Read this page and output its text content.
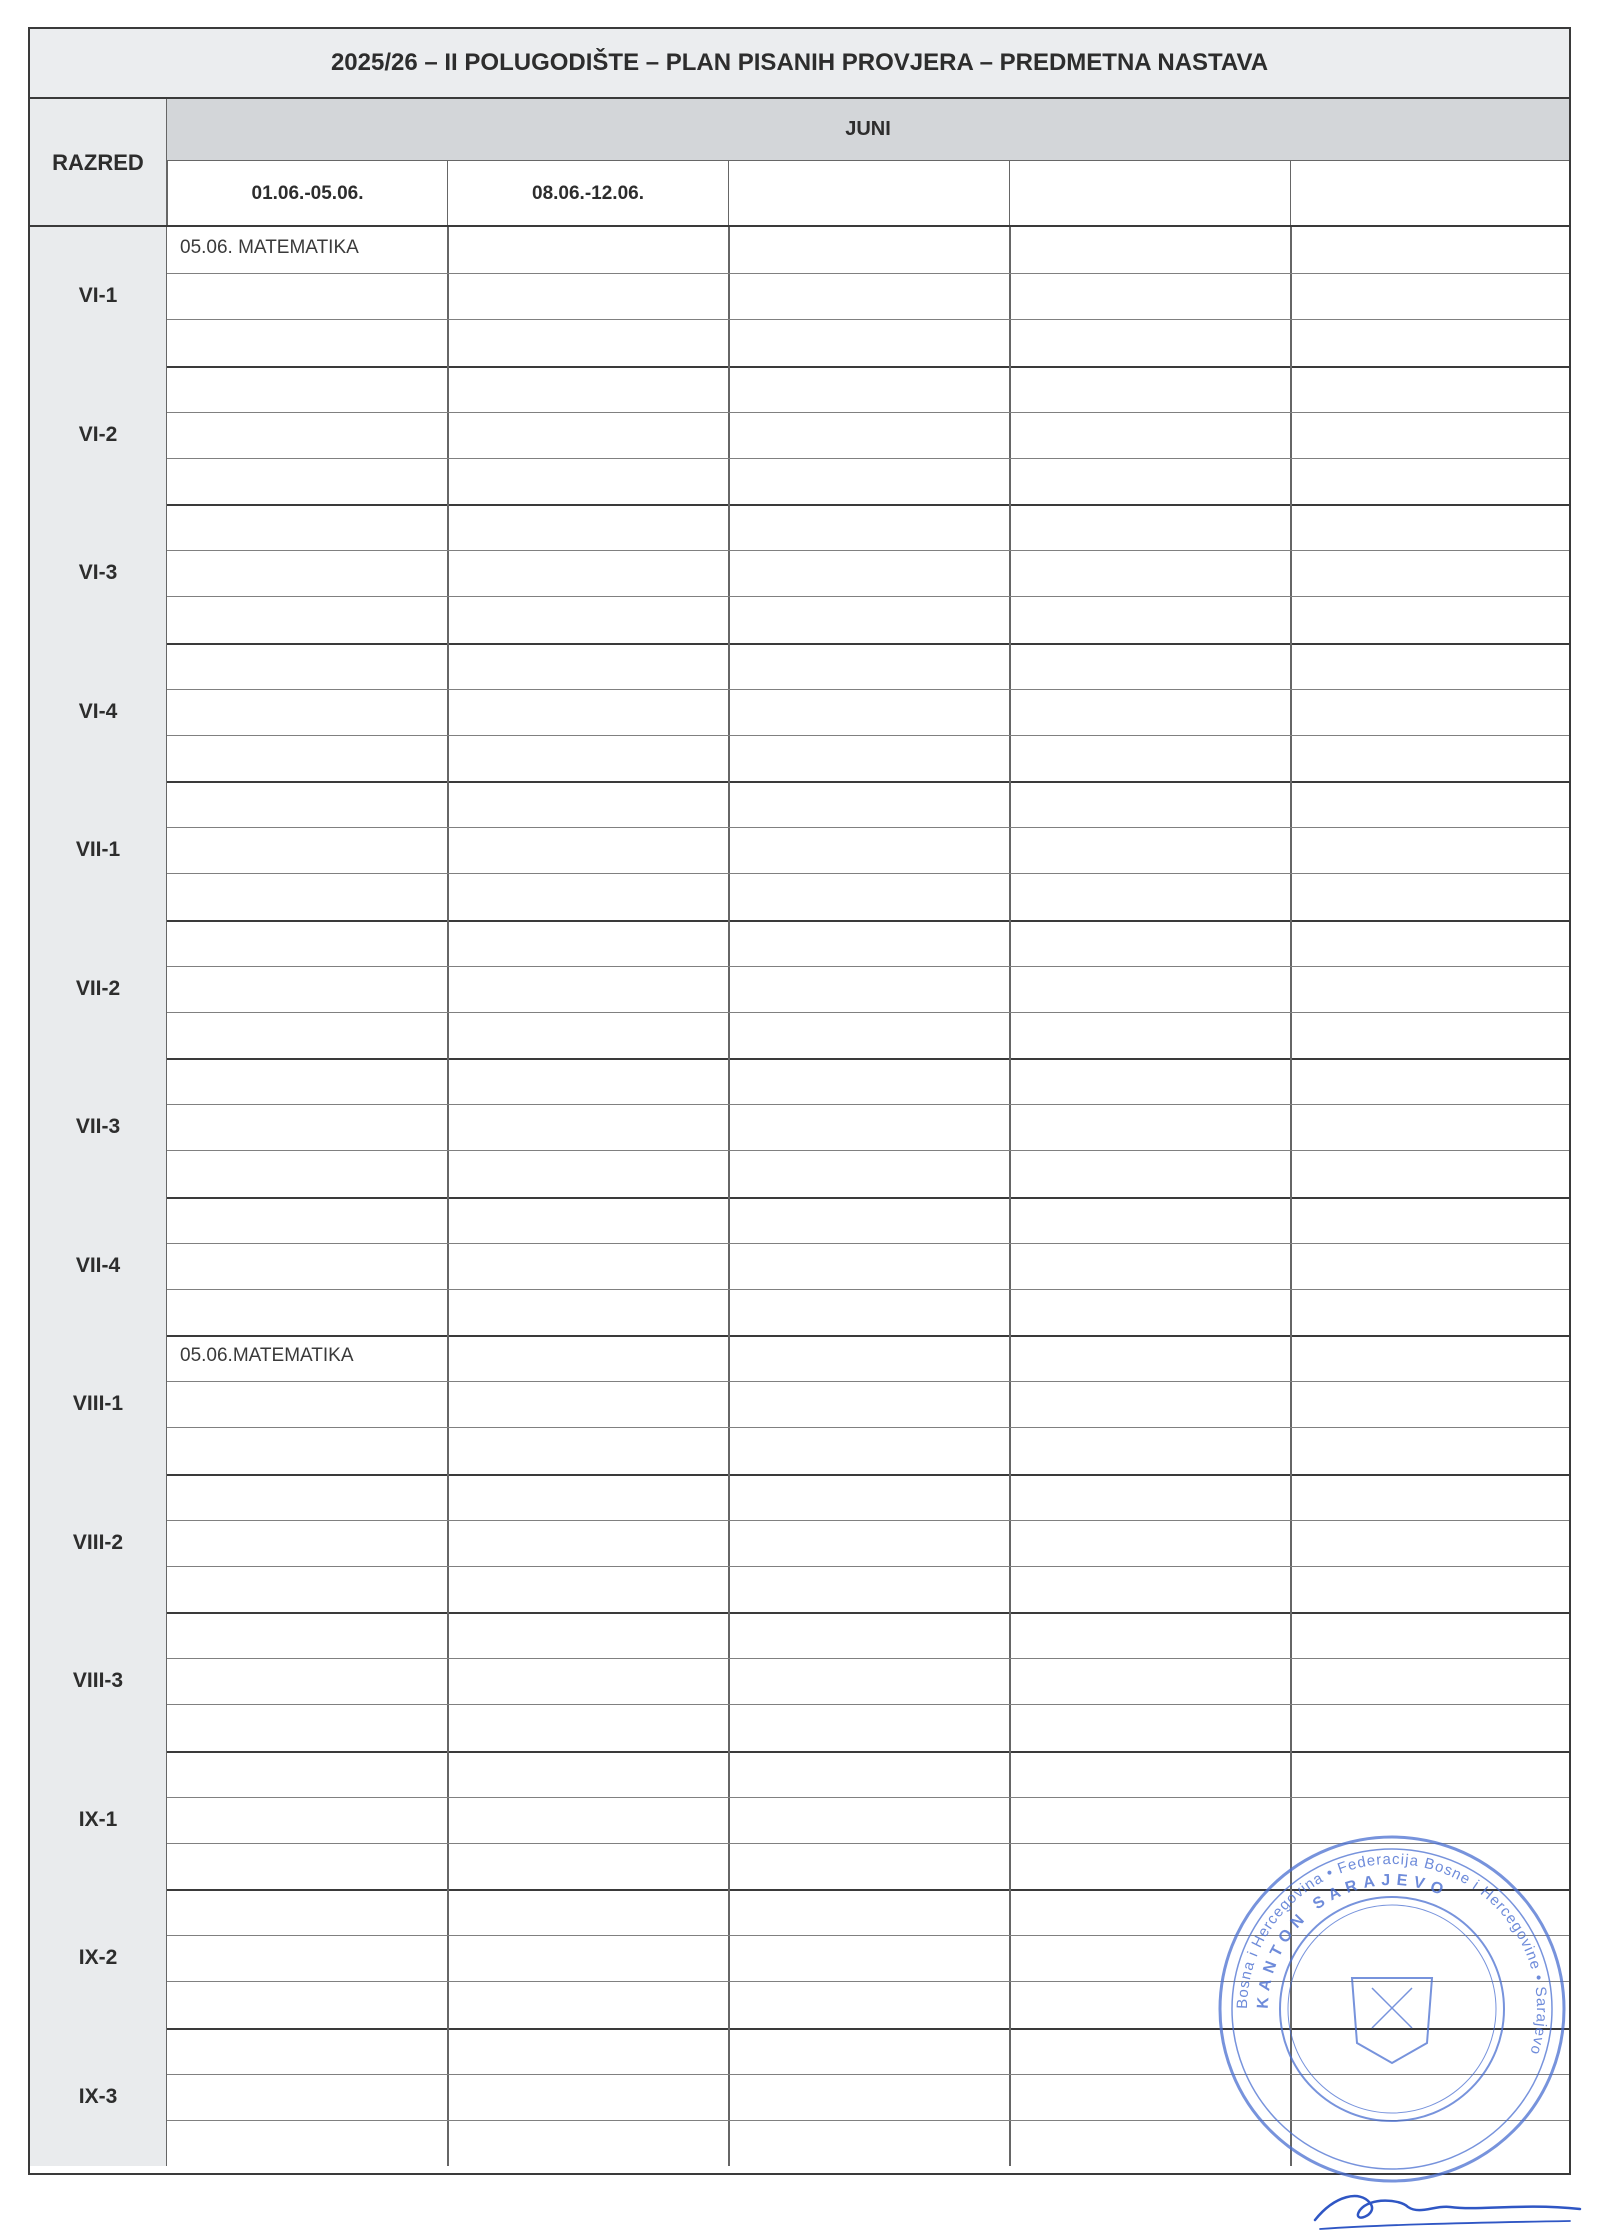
2025/26 – II POLUGODIŠTE – PLAN PISANIH PROVJERA – PREDMETNA NASTAVA
RAZRED
JUNI
01.06.-05.06.	08.06.-12.06.
VI-1
05.06. MATEMATIKA
VI-2
VI-3
VI-4
VII-1
VII-2
VII-3
VII-4
VIII-1
05.06.MATEMATIKA
VIII-2
VIII-3
IX-1
IX-2
IX-3
Bosna i Hercegovina • Federacija Bosne i Hercegovine • Sarajevo
KANTON SARAJEVO
